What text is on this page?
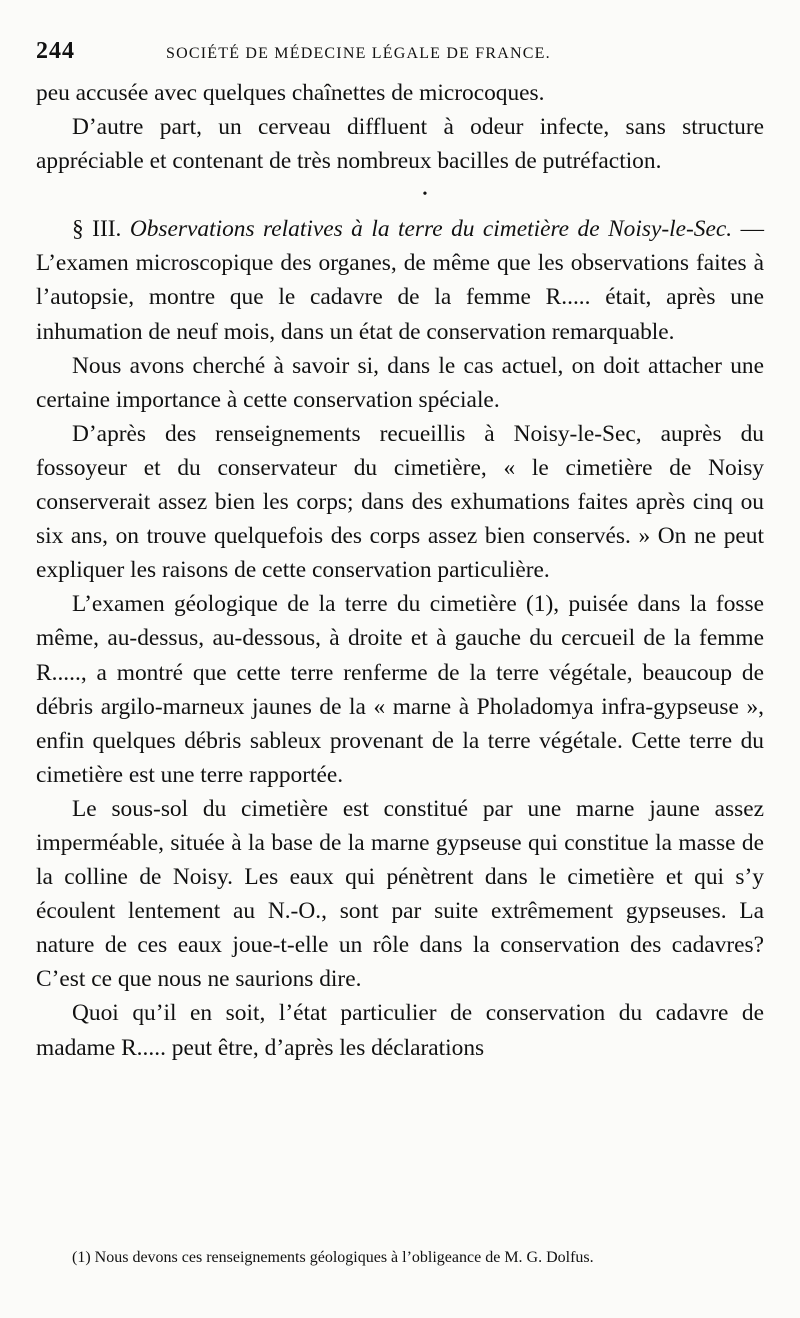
244	SOCIÉTÉ DE MÉDECINE LÉGALE DE FRANCE.

peu accusée avec quelques chaînettes de microcoques.

D’autre part, un cerveau diffluent à odeur infecte, sans structure appréciable et contenant de très nombreux bacilles de putréfaction.

•

§ III. Observations relatives à la terre du cimetière de Noisy-le-Sec. — L’examen microscopique des organes, de même que les observations faites à l’autopsie, montre que le cadavre de la femme R..... était, après une inhumation de neuf mois, dans un état de conservation remarquable.

Nous avons cherché à savoir si, dans le cas actuel, on doit attacher une certaine importance à cette conservation spéciale.

D’après des renseignements recueillis à Noisy-le-Sec, auprès du fossoyeur et du conservateur du cimetière, « le cimetière de Noisy conserverait assez bien les corps; dans des exhumations faites après cinq ou six ans, on trouve quelquefois des corps assez bien conservés. » On ne peut expliquer les raisons de cette conservation particulière.

L’examen géologique de la terre du cimetière (1), puisée dans la fosse même, au-dessus, au-dessous, à droite et à gauche du cercueil de la femme R....., a montré que cette terre renferme de la terre végétale, beaucoup de débris argilo-marneux jaunes de la « marne à Pholadomya infra-gypseuse », enfin quelques débris sableux provenant de la terre végétale. Cette terre du cimetière est une terre rapportée.

Le sous-sol du cimetière est constitué par une marne jaune assez imperméable, située à la base de la marne gypseuse qui constitue la masse de la colline de Noisy. Les eaux qui pénètrent dans le cimetière et qui s’y écoulent lentement au N.-O., sont par suite extrêmement gypseuses. La nature de ces eaux joue-t-elle un rôle dans la conservation des cadavres? C’est ce que nous ne saurions dire.

Quoi qu’il en soit, l’état particulier de conservation du cadavre de madame R..... peut être, d’après les déclarations

(1) Nous devons ces renseignements géologiques à l’obligeance de M. G. Dolfus.
